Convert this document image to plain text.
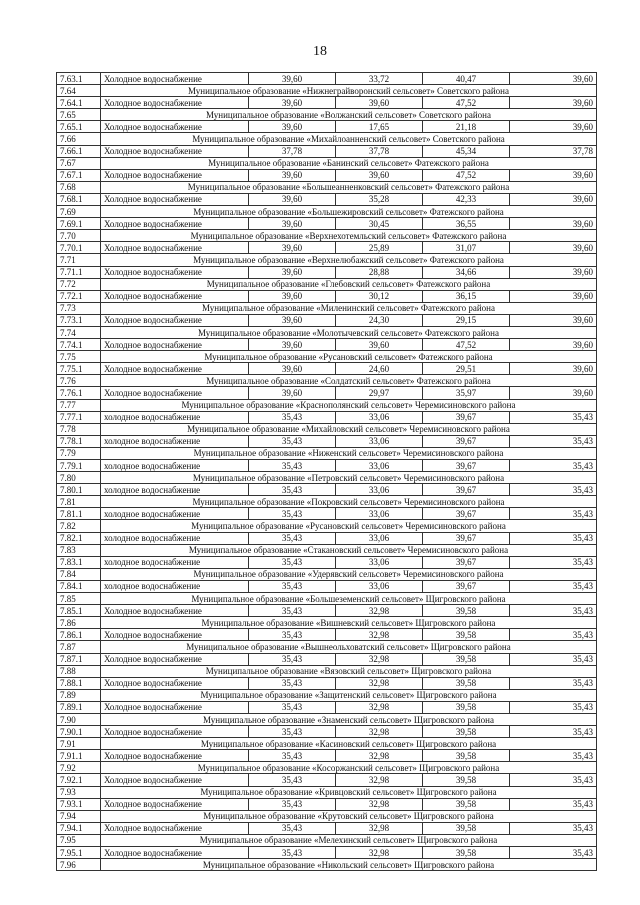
18
7.63.1	Холодное водоснабжение	39,60	33,72	40,47	39,60
7.64	Муниципальное образование «Нижнеграйворонский сельсовет» Советского района				
7.64.1	Холодное водоснабжение	39,60	39,60	47,52	39,60
7.65	Муниципальное образование «Волжанский сельсовет» Советского района				
7.65.1	Холодное водоснабжение	39,60	17,65	21,18	39,60
7.66	Муниципальное образование «Михайлоанненский сельсовет» Советского района				
7.66.1	Холодное водоснабжение	37,78	37,78	45,34	37,78
7.67	Муниципальное образование «Банинский сельсовет» Фатежского района				
7.67.1	Холодное водоснабжение	39,60	39,60	47,52	39,60
7.68	Муниципальное образование «Большеанненковский сельсовет» Фатежского района				
7.68.1	Холодное водоснабжение	39,60	35,28	42,33	39,60
7.69	Муниципальное образование «Большежировский сельсовет» Фатежского района				
7.69.1	Холодное водоснабжение	39,60	30,45	36,55	39,60
7.70	Муниципальное образование «Верхнехотемльский сельсовет» Фатежского района				
7.70.1	Холодное водоснабжение	39,60	25,89	31,07	39,60
7.71	Муниципальное образование «Верхнелюбажский сельсовет» Фатежского района				
7.71.1	Холодное водоснабжение	39,60	28,88	34,66	39,60
7.72	Муниципальное образование «Глебовский сельсовет» Фатежского района				
7.72.1	Холодное водоснабжение	39,60	30,12	36,15	39,60
7.73	Муниципальное образование «Миленинский сельсовет» Фатежского района				
7.73.1	Холодное водоснабжение	39,60	24,30	29,15	39,60
7.74	Муниципальное образование «Молотычевский сельсовет» Фатежского района				
7.74.1	Холодное водоснабжение	39,60	39,60	47,52	39,60
7.75	Муниципальное образование «Русановский сельсовет» Фатежского района				
7.75.1	Холодное водоснабжение	39,60	24,60	29,51	39,60
7.76	Муниципальное образование «Солдатский сельсовет» Фатежского района				
7.76.1	Холодное водоснабжение	39,60	29,97	35,97	39,60
7.77	Муниципальное образование «Краснополянский сельсовет» Черемисиновского района				
7.77.1	холодное водоснабжение	35,43	33,06	39,67	35,43
7.78	Муниципальное образование «Михайловский сельсовет» Черемисиновского района				
7.78.1	холодное водоснабжение	35,43	33,06	39,67	35,43
7.79	Муниципальное образование «Ниженский сельсовет» Черемисиновского района				
7.79.1	холодное водоснабжение	35,43	33,06	39,67	35,43
7.80	Муниципальное образование «Петровский сельсовет» Черемисиновского района				
7.80.1	холодное водоснабжение	35,43	33,06	39,67	35,43
7.81	Муниципальное образование «Покровский сельсовет» Черемисиновского района				
7.81.1	холодное водоснабжение	35,43	33,06	39,67	35,43
7.82	Муниципальное образование «Русановский сельсовет» Черемисиновского района				
7.82.1	холодное водоснабжение	35,43	33,06	39,67	35,43
7.83	Муниципальное образование «Стакановский сельсовет» Черемисиновского района				
7.83.1	холодное водоснабжение	35,43	33,06	39,67	35,43
7.84	Муниципальное образование «Удерявский сельсовет» Черемисиновского района				
7.84.1	холодное водоснабжение	35,43	33,06	39,67	35,43
7.85	Муниципальное образование «Большеземенский сельсовет» Щигровского района				
7.85.1	Холодное водоснабжение	35,43	32,98	39,58	35,43
7.86	Муниципальное образование «Вишневский сельсовет» Щигровского района				
7.86.1	Холодное водоснабжение	35,43	32,98	39,58	35,43
7.87	Муниципальное образование «Вышнеольховатский сельсовет» Щигровского района				
7.87.1	Холодное водоснабжение	35,43	32,98	39,58	35,43
7.88	Муниципальное образование «Вязовский сельсовет» Щигровского района				
7.88.1	Холодное водоснабжение	35,43	32,98	39,58	35,43
7.89	Муниципальное образование «Защитенский сельсовет» Щигровского района				
7.89.1	Холодное водоснабжение	35,43	32,98	39,58	35,43
7.90	Муниципальное образование «Знаменский сельсовет» Щигровского района				
7.90.1	Холодное водоснабжение	35,43	32,98	39,58	35,43
7.91	Муниципальное образование «Касиновский сельсовет» Щигровского района				
7.91.1	Холодное водоснабжение	35,43	32,98	39,58	35,43
7.92	Муниципальное образование «Косоржанский сельсовет» Щигровского района				
7.92.1	Холодное водоснабжение	35,43	32,98	39,58	35,43
7.93	Муниципальное образование «Кривцовский сельсовет» Щигровского района				
7.93.1	Холодное водоснабжение	35,43	32,98	39,58	35,43
7.94	Муниципальное образование «Крутовский сельсовет» Щигровского района				
7.94.1	Холодное водоснабжение	35,43	32,98	39,58	35,43
7.95	Муниципальное образование «Мелехинский сельсовет» Щигровского района				
7.95.1	Холодное водоснабжение	35,43	32,98	39,58	35,43
7.96	Муниципальное образование «Никольский сельсовет» Щигровского района				
